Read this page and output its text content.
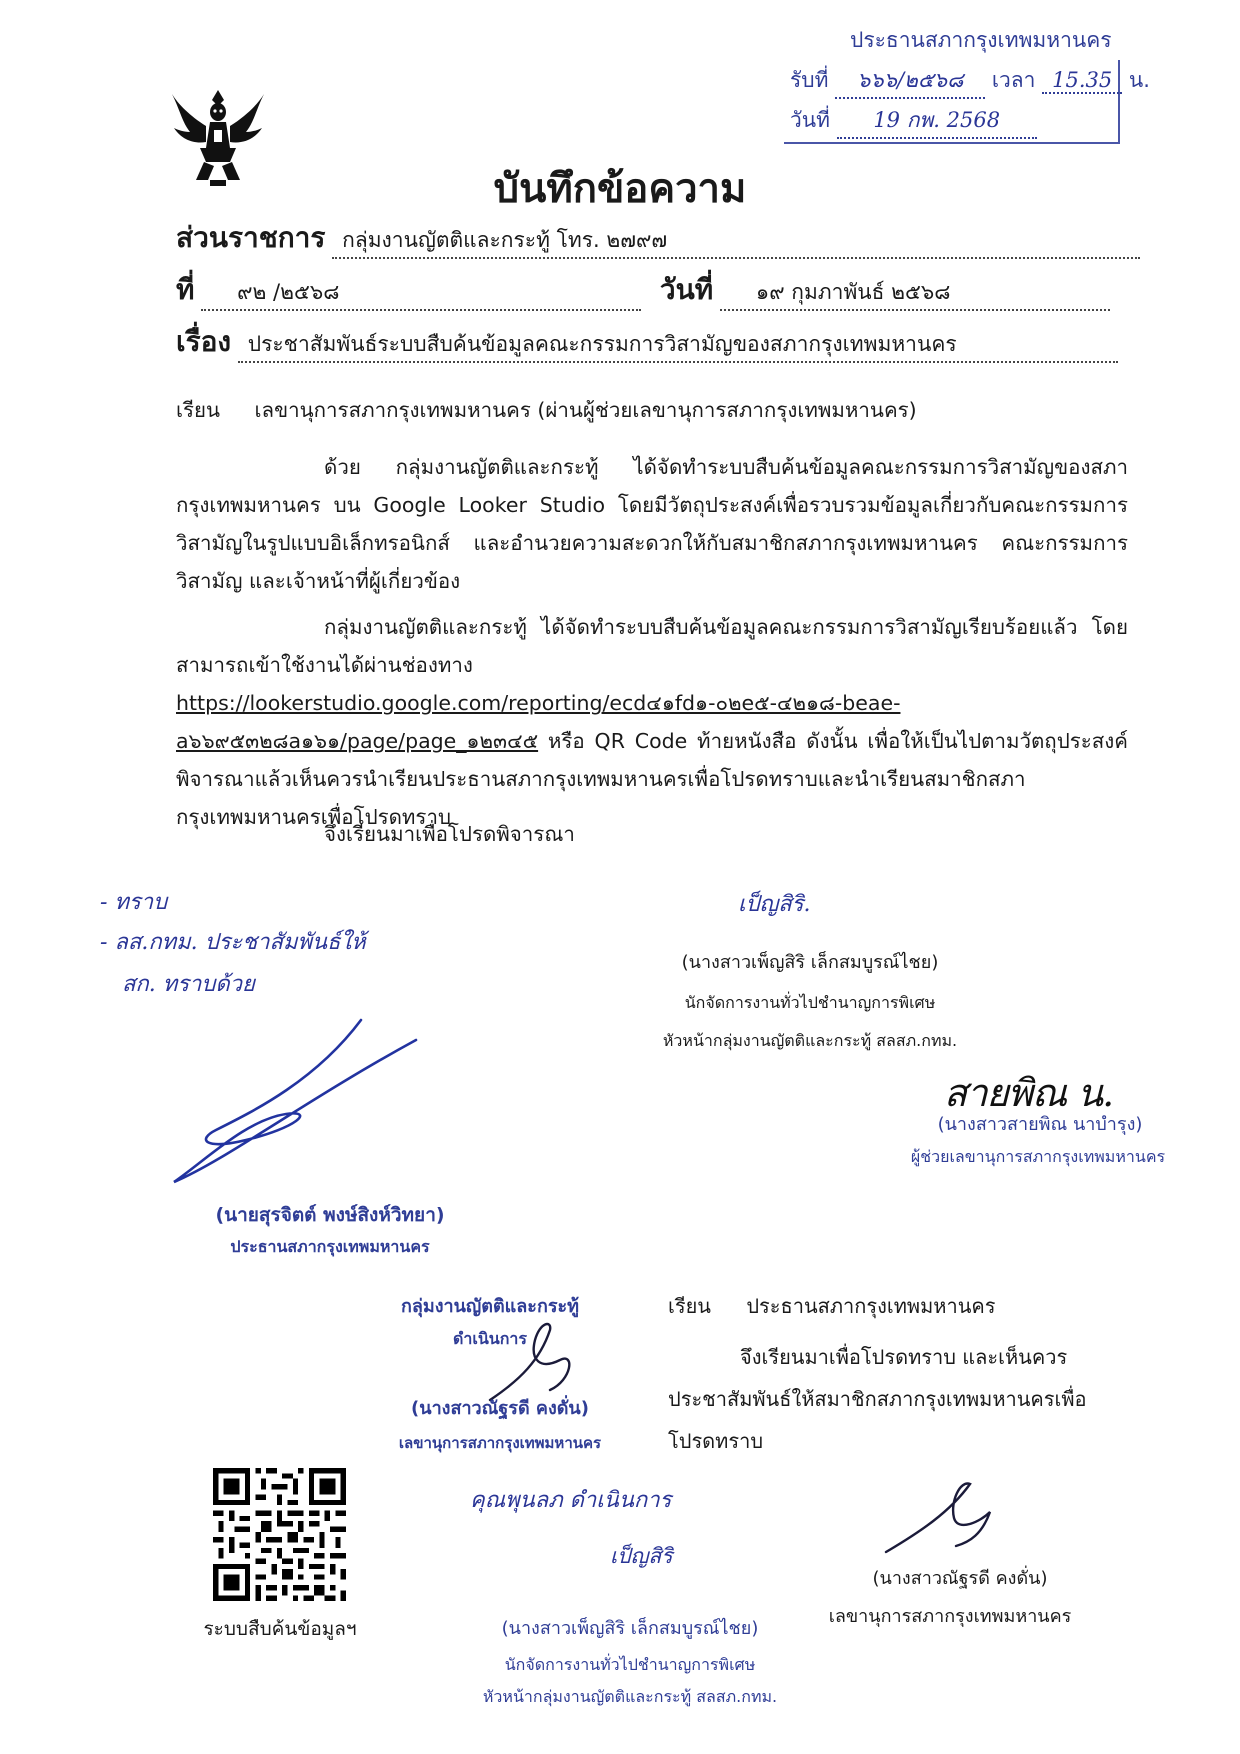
ประธานสภากรุงเทพมหานคร
รับที่ ๖๖๖/๒๕๖๘ เวลา 15.35 น.
วันที่ 19 กพ. 2568
บันทึกข้อความ
ส่วนราชการ กลุ่มงานญัตติและกระทู้ โทร. ๒๗๙๗
ที่ ๙๒ /๒๕๖๘	วันที่ ๑๙ กุมภาพันธ์ ๒๕๖๘
เรื่อง ประชาสัมพันธ์ระบบสืบค้นข้อมูลคณะกรรมการวิสามัญของสภากรุงเทพมหานคร
เรียน เลขานุการสภากรุงเทพมหานคร (ผ่านผู้ช่วยเลขานุการสภากรุงเทพมหานคร)

ด้วย กลุ่มงานญัตติและกระทู้ ได้จัดทำระบบสืบค้นข้อมูลคณะกรรมการวิสามัญของสภากรุงเทพมหานคร บน Google Looker Studio โดยมีวัตถุประสงค์เพื่อรวบรวมข้อมูลเกี่ยวกับคณะกรรมการวิสามัญในรูปแบบอิเล็กทรอนิกส์ และอำนวยความสะดวกให้กับสมาชิกสภากรุงเทพมหานคร คณะกรรมการวิสามัญ และเจ้าหน้าที่ผู้เกี่ยวข้อง

กลุ่มงานญัตติและกระทู้ ได้จัดทำระบบสืบค้นข้อมูลคณะกรรมการวิสามัญเรียบร้อยแล้ว โดยสามารถเข้าใช้งานได้ผ่านช่องทาง https://lookerstudio.google.com/reporting/ecd๔๑fd๑-๐๒e๕-๔๒๑๘-beae-a๖๖๙๕๓๒๘a๑๖๑/page/page_๑๒๓๔๕ หรือ QR Code ท้ายหนังสือ ดังนั้น เพื่อให้เป็นไปตามวัตถุประสงค์พิจารณาแล้วเห็นควรนำเรียนประธานสภากรุงเทพมหานครเพื่อโปรดทราบและนำเรียนสมาชิกสภากรุงเทพมหานครเพื่อโปรดทราบ

จึงเรียนมาเพื่อโปรดพิจารณา
- ทราบ
- ลส.กทม. ประชาสัมพันธ์ให้
สก. ทราบด้วย
(นายสุรจิตต์ พงษ์สิงห์วิทยา)
ประธานสภากรุงเทพมหานคร
เป็ญสิริ.
(นางสาวเพ็ญสิริ เล็กสมบูรณ์ไชย)
นักจัดการงานทั่วไปชำนาญการพิเศษ
หัวหน้ากลุ่มงานญัตติและกระทู้ สลสภ.กทม.
สายพิณ น.
(นางสาวสายพิณ นาบำรุง)
ผู้ช่วยเลขานุการสภากรุงเทพมหานคร
กลุ่มงานญัตติและกระทู้
ดำเนินการ
(นางสาวณัฐรดี คงดั่น)
เลขานุการสภากรุงเทพมหานคร
เรียน ประธานสภากรุงเทพมหานคร

จึงเรียนมาเพื่อโปรดทราบ และเห็นควรประชาสัมพันธ์ให้สมาชิกสภากรุงเทพมหานครเพื่อโปรดทราบ

(นางสาวณัฐรดี คงดั่น)
เลขานุการสภากรุงเทพมหานคร
ระบบสืบค้นข้อมูลฯ
คุณพุนลภ ดำเนินการ
เป็ญสิริ
(นางสาวเพ็ญสิริ เล็กสมบูรณ์ไชย)
นักจัดการงานทั่วไปชำนาญการพิเศษ
หัวหน้ากลุ่มงานญัตติและกระทู้ สลสภ.กทม.
